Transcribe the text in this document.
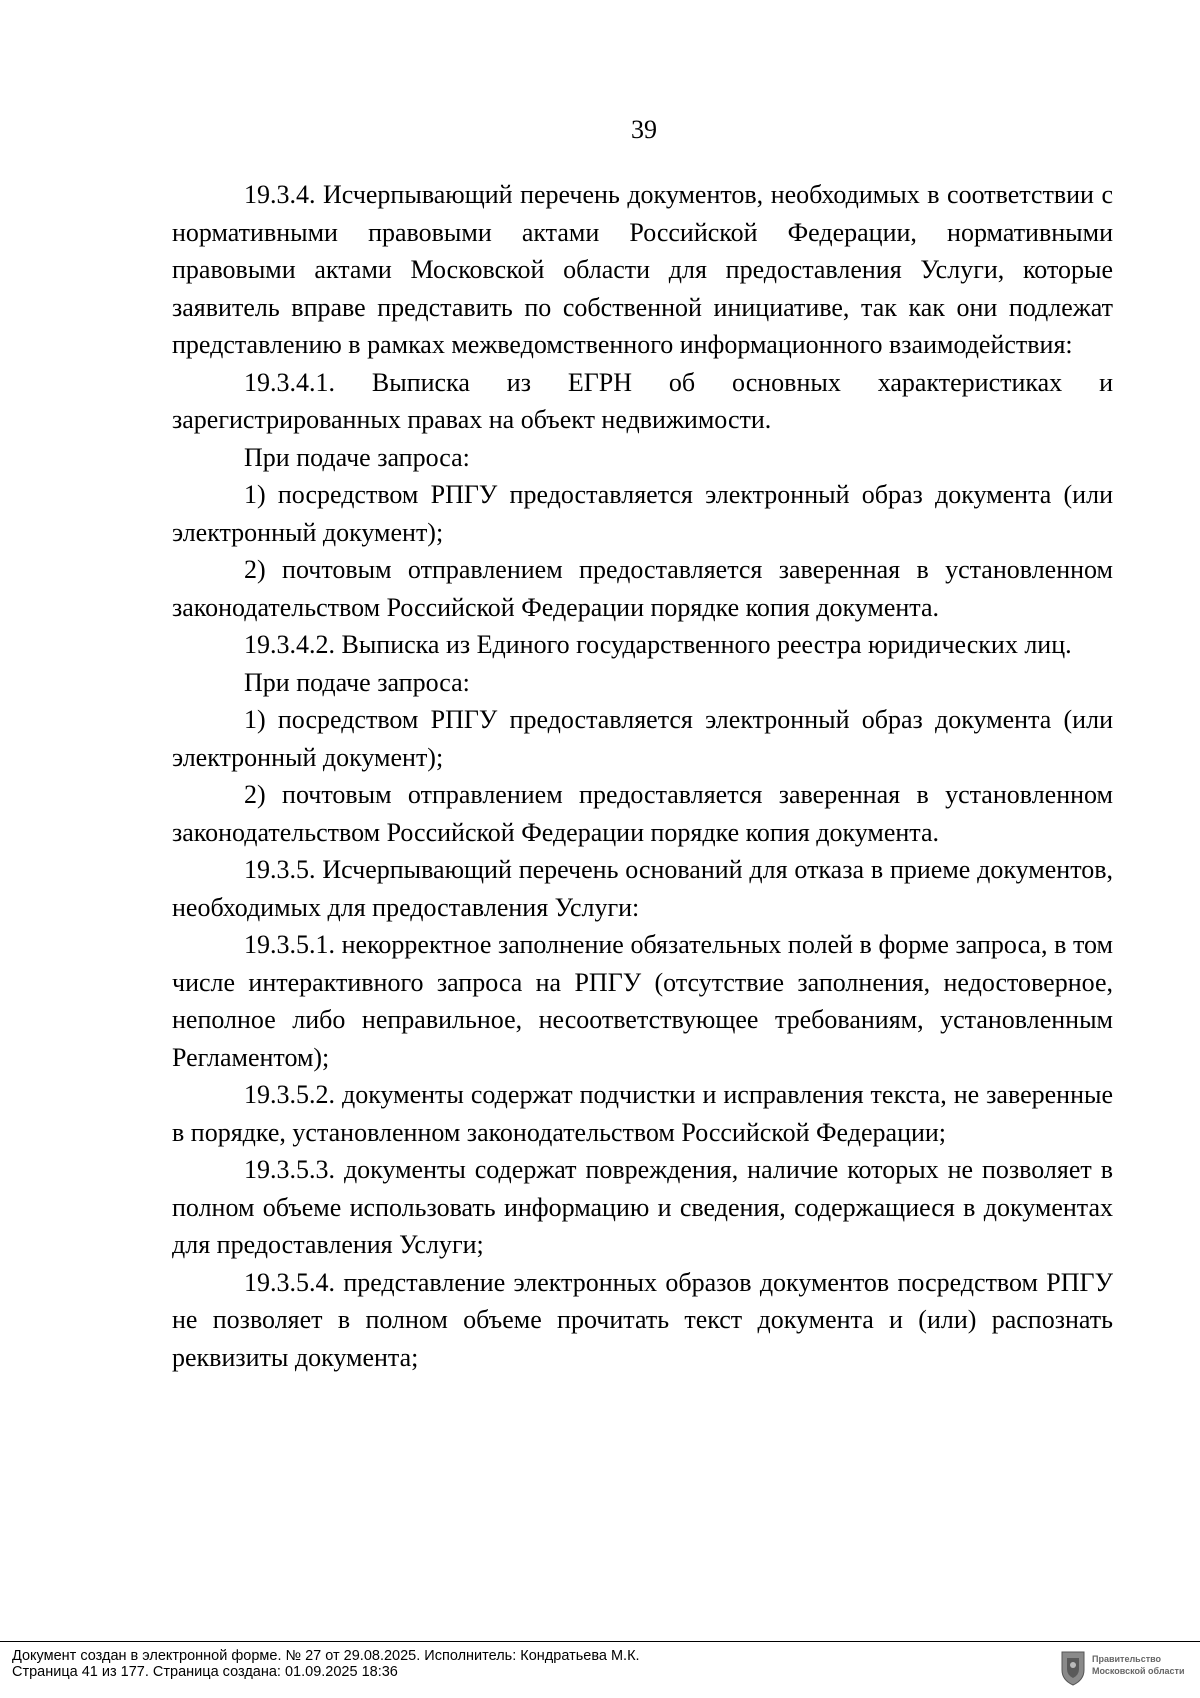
39

19.3.4. Исчерпывающий перечень документов, необходимых в соответствии с нормативными правовыми актами Российской Федерации, нормативными правовыми актами Московской области для предоставления Услуги, которые заявитель вправе представить по собственной инициативе, так как они подлежат представлению в рамках межведомственного информационного взаимодействия:

19.3.4.1. Выписка из ЕГРН об основных характеристиках и зарегистрированных правах на объект недвижимости.

При подаче запроса:

1) посредством РПГУ предоставляется электронный образ документа (или электронный документ);

2) почтовым отправлением предоставляется заверенная в установленном законодательством Российской Федерации порядке копия документа.

19.3.4.2. Выписка из Единого государственного реестра юридических лиц.

При подаче запроса:

1) посредством РПГУ предоставляется электронный образ документа (или электронный документ);

2) почтовым отправлением предоставляется заверенная в установленном законодательством Российской Федерации порядке копия документа.

19.3.5. Исчерпывающий перечень оснований для отказа в приеме документов, необходимых для предоставления Услуги:

19.3.5.1. некорректное заполнение обязательных полей в форме запроса, в том числе интерактивного запроса на РПГУ (отсутствие заполнения, недостоверное, неполное либо неправильное, несоответствующее требованиям, установленным Регламентом);

19.3.5.2. документы содержат подчистки и исправления текста, не заверенные в порядке, установленном законодательством Российской Федерации;

19.3.5.3. документы содержат повреждения, наличие которых не позволяет в полном объеме использовать информацию и сведения, содержащиеся в документах для предоставления Услуги;

19.3.5.4. представление электронных образов документов посредством РПГУ не позволяет в полном объеме прочитать текст документа и (или) распознать реквизиты документа;

Документ создан в электронной форме. № 27 от 29.08.2025. Исполнитель: Кондратьева М.К.
Страница 41 из 177. Страница создана: 01.09.2025 18:36
Правительство
Московской области
